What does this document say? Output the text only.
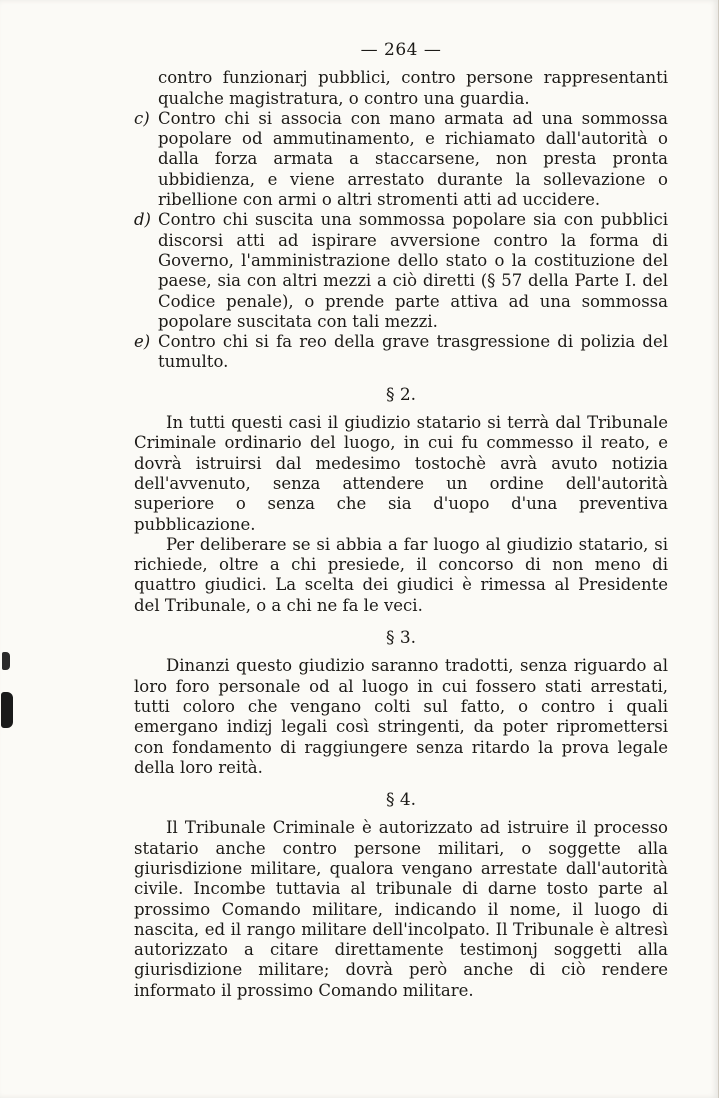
— 264 —

contro funzionarj pubblici, contro persone rappresentanti qualche magistratura, o contro una guardia.

c) Contro chi si associa con mano armata ad una sommossa popolare od ammutinamento, e richiamato dall'autorità o dalla forza armata a staccarsene, non presta pronta ubbidienza, e viene arrestato durante la sollevazione o ribellione con armi o altri stromenti atti ad uccidere.

d) Contro chi suscita una sommossa popolare sia con pubblici discorsi atti ad ispirare avversione contro la forma di Governo, l'amministrazione dello stato o la costituzione del paese, sia con altri mezzi a ciò diretti (§ 57 della Parte I. del Codice penale), o prende parte attiva ad una sommossa popolare suscitata con tali mezzi.

e) Contro chi si fa reo della grave trasgressione di polizia del tumulto.

§ 2.

In tutti questi casi il giudizio statario si terrà dal Tribunale Criminale ordinario del luogo, in cui fu commesso il reato, e dovrà istruirsi dal medesimo tostochè avrà avuto notizia dell'avvenuto, senza attendere un ordine dell'autorità superiore o senza che sia d'uopo d'una preventiva pubblicazione.

Per deliberare se si abbia a far luogo al giudizio statario, si richiede, oltre a chi presiede, il concorso di non meno di quattro giudici. La scelta dei giudici è rimessa al Presidente del Tribunale, o a chi ne fa le veci.

§ 3.

Dinanzi questo giudizio saranno tradotti, senza riguardo al loro foro personale od al luogo in cui fossero stati arrestati, tutti coloro che vengano colti sul fatto, o contro i quali emergano indizj legali così stringenti, da poter ripromettersi con fondamento di raggiungere senza ritardo la prova legale della loro reità.

§ 4.

Il Tribunale Criminale è autorizzato ad istruire il processo statario anche contro persone militari, o soggette alla giurisdizione militare, qualora vengano arrestate dall'autorità civile. Incombe tuttavia al tribunale di darne tosto parte al prossimo Comando militare, indicando il nome, il luogo di nascita, ed il rango militare dell'incolpato. Il Tribunale è altresì autorizzato a citare direttamente testimonj soggetti alla giurisdizione militare; dovrà però anche di ciò rendere informato il prossimo Comando militare.
